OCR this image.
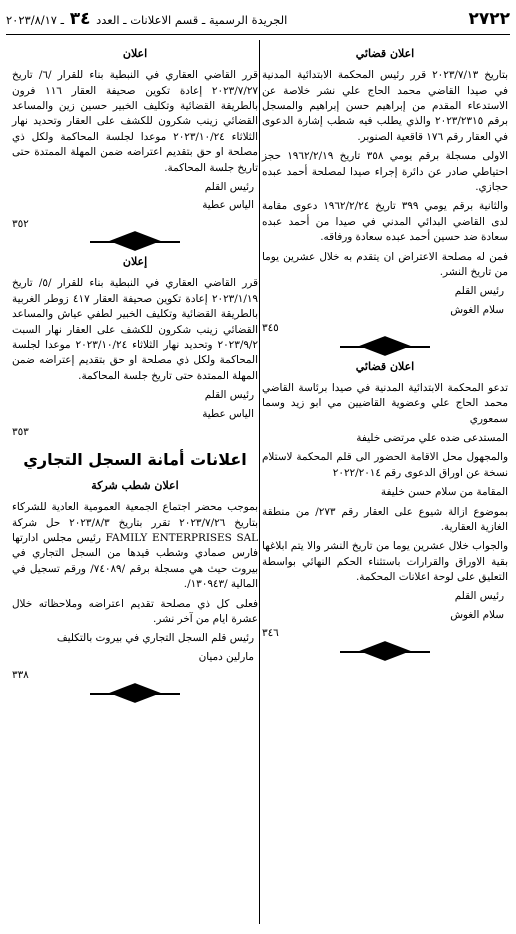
٢٧٢٢
الجريدة الرسمية ـ قسم الاعلانات ـ العدد ٣٤ ـ ٢٠٢٣/٨/١٧
اعلان قضائي

بتاريخ ٢٠٢٣/٧/١٣ قرر رئيس المحكمة الابتدائية المدنية في صيدا القاضي محمد الحاج علي نشر خلاصة عن الاستدعاء المقدم من إبراهيم حسن إبراهيم والمسجل برقم ٢٠٢٣/٢٣١٥ والذي يطلب فيه شطب إشارة الدعوى في العقار رقم ١٧٦ قاقعية الصنوبر.

الاولى مسجلة برقم يومي ٣٥٨ تاريخ ١٩٦٢/٢/١٩ حجز احتياطي صادر عن دائرة إجراء صيدا لمصلحة أحمد عبده حجازي.

والثانية برقم يومي ٣٩٩ تاريخ ١٩٦٢/٢/٢٤ دعوى مقامة لدى القاضي البدائي المدني في صيدا من أحمد عبده سعادة ضد حسين أحمد عبده سعادة ورفاقه.

فمن له مصلحة الاعتراض ان يتقدم به خلال عشرين يوما من تاريخ النشر.

رئيس القلم
سلام الغوش
٣٤٥
اعلان قضائي

تدعو المحكمة الابتدائية المدنية في صيدا برئاسة القاضي محمد الحاج علي وعضوية القاضيين مي ابو زيد وسما سمعوري

المستدعى ضده علي مرتضى خليفة

والمجهول محل الاقامة الحضور الى قلم المحكمة لاستلام نسخة عن اوراق الدعوى رقم ٢٠٢٢/٢٠١٤

المقامة من سلام حسن خليفة

بموضوع ازالة شيوع على العقار رقم ٢٧٣/ من منطقة الغازية العقارية.

والجواب خلال عشرين يوما من تاريخ النشر والا يتم ابلاغها بقية الاوراق والقرارات باستثناء الحكم النهائي بواسطة التعليق على لوحة اعلانات المحكمة.

رئيس القلم
سلام الغوش
٣٤٦
اعلان

قرر القاضي العقاري في النبطية بناء للقرار /٦/ تاريخ ٢٠٢٣/٧/٢٧ إعادة تكوين صحيفة العقار ١١٦ فرون بالطريقة القضائية وتكليف الخبير حسين زين والمساعد القضائي زينب شكرون للكشف على العقار وتحديد نهار الثلاثاء ٢٠٢٣/١٠/٢٤ موعدا لجلسة المحاكمة ولكل ذي مصلحة او حق بتقديم اعتراضه ضمن المهلة الممتدة حتى تاريخ جلسة المحاكمة.

رئيس القلم
الياس عطية
٣٥٢
إعلان

قرر القاضي العقاري في النبطية بناء للقرار /٥/ تاريخ ٢٠٢٣/١/١٩ إعادة تكوين صحيفة العقار ٤١٧ زوطر الغربية بالطريقة القضائية وتكليف الخبير لطفي عياش والمساعد القضائي زينب شكرون للكشف على العقار نهار السبت ٢٠٢٣/٩/٢ وتحديد نهار الثلاثاء ٢٠٢٣/١٠/٢٤ موعدا لجلسة المحاكمة ولكل ذي مصلحة او حق بتقديم إعتراضه ضمن المهلة الممتدة حتى تاريخ جلسة المحاكمة.

رئيس القلم
الياس عطية
٣٥٣
اعلانات أمانة السجل التجاري
اعلان شطب شركة

بموجب محضر اجتماع الجمعية العمومية العادية للشركاء بتاريخ ٢٠٢٣/٧/٢٦ تقرر بتاريخ ٢٠٢٣/٨/٣ حل شركة FAMILY ENTERPRISES SAL رئيس مجلس ادارتها فارس صمادي وشطب قيدها من السجل التجاري في بيروت حيث هي مسجلة برقم /٧٤٠٨٩/ ورقم تسجيل في المالية /١٣٠٩٤٣/.

فعلى كل ذي مصلحة تقديم اعتراضه وملاحظاته خلال عشرة ايام من آخر نشر.

رئيس قلم السجل التجاري في بيروت بالتكليف
مارلين دميان
٣٣٨
